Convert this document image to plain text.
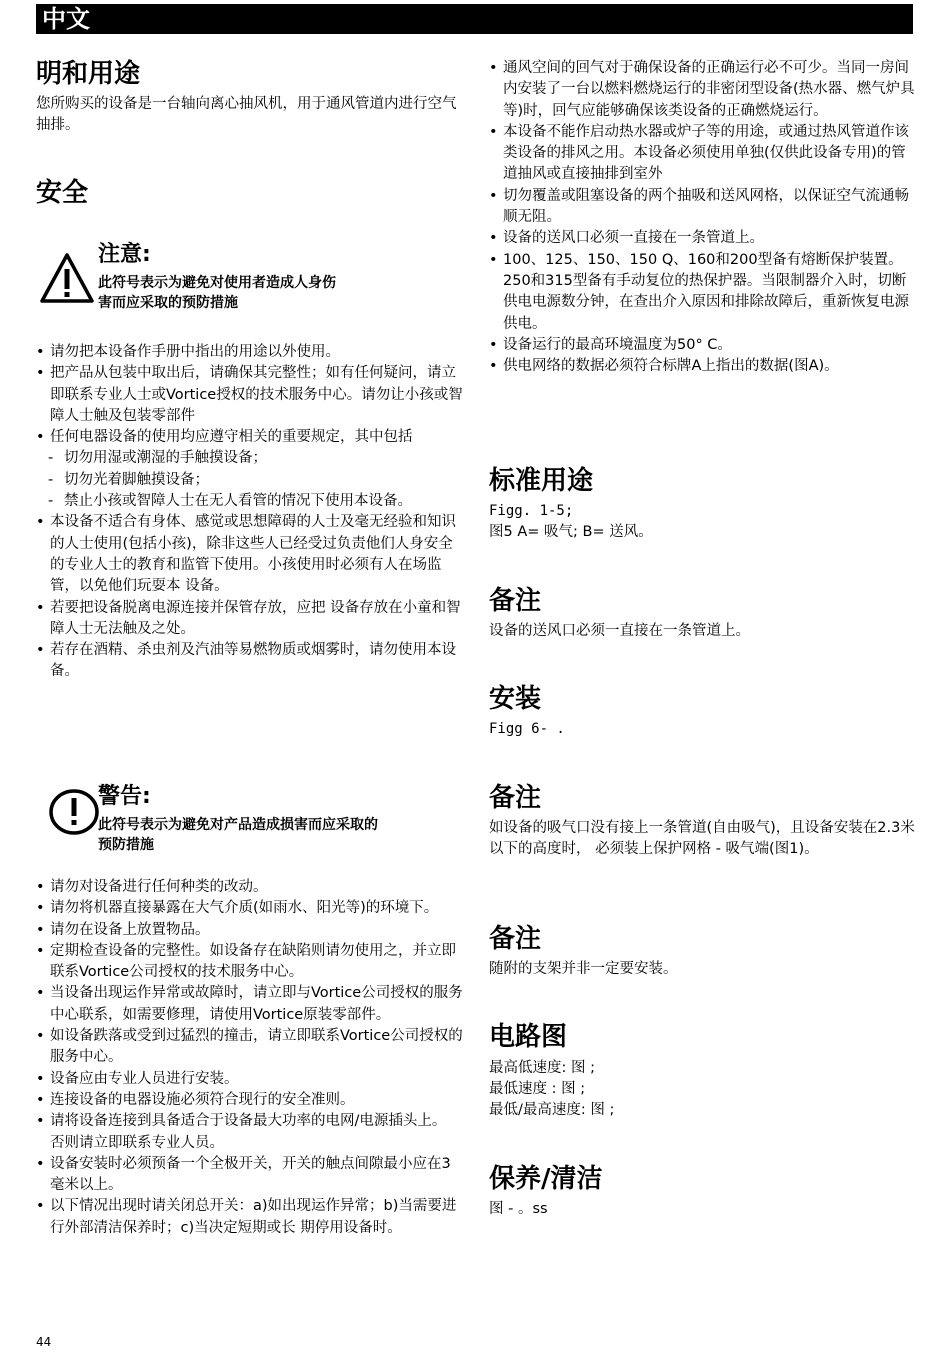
中文
明和用途

您所购买的设备是一台轴向离心抽风机，用于通风管道内进行空气抽排。

安全
注意:
此符号表示为避免对使用者造成人身伤害而应采取的预防措施
• 请勿把本设备作手册中指出的用途以外使用。
• 把产品从包装中取出后，请确保其完整性；如有任何疑问，请立即联系专业人士或Vortice授权的技术服务中心。请勿让小孩或智障人士触及包装零部件
• 任何电器设备的使用均应遵守相关的重要规定，其中包括
- 切勿用湿或潮湿的手触摸设备；
- 切勿光着脚触摸设备；
- 禁止小孩或智障人士在无人看管的情况下使用本设备。
• 本设备不适合有身体、感觉或思想障碍的人士及毫无经验和知识的人士使用(包括小孩)，除非这些人已经受过负责他们人身安全的专业人士的教育和监管下使用。小孩使用时必须有人在场监管，以免他们玩耍本 设备。
• 若要把设备脱离电源连接并保管存放，应把 设备存放在小童和智障人士无法触及之处。
• 若存在酒精、杀虫剂及汽油等易燃物质或烟雾时，请勿使用本设备。
警告:
此符号表示为避免对产品造成损害而应采取的预防措施
• 请勿对设备进行任何种类的改动。
• 请勿将机器直接暴露在大气介质(如雨水、阳光等)的环境下。
• 请勿在设备上放置物品。
• 定期检查设备的完整性。如设备存在缺陷则请勿使用之，并立即联系Vortice公司授权的技术服务中心。
• 当设备出现运作异常或故障时，请立即与Vortice公司授权的服务中心联系，如需要修理，请使用Vortice原装零部件。
• 如设备跌落或受到过猛烈的撞击，请立即联系Vortice公司授权的服务中心。
• 设备应由专业人员进行安装。
• 连接设备的电器设施必须符合现行的安全准则。
• 请将设备连接到具备适合于设备最大功率的电网/电源插头上。 否则请立即联系专业人员。
• 设备安装时必须预备一个全极开关，开关的触点间隙最小应在3毫米以上。
• 以下情况出现时请关闭总开关：a)如出现运作异常；b)当需要进行外部清洁保养时；c)当决定短期或长 期停用设备时。
• 通风空间的回气对于确保设备的正确运行必不可少。当同一房间内安装了一台以燃料燃烧运行的非密闭型设备(热水器、燃气炉具等)时，回气应能够确保该类设备的正确燃烧运行。
• 本设备不能作启动热水器或炉子等的用途，或通过热风管道作该类设备的排风之用。本设备必须使用单独(仅供此设备专用)的管道抽风或直接抽排到室外
• 切勿覆盖或阻塞设备的两个抽吸和送风网格，以保证空气流通畅顺无阻。
• 设备的送风口必须一直接在一条管道上。
• 100、125、150、150 Q、160和200型备有熔断保护装置。250和315型备有手动复位的热保护器。当限制器介入时，切断供电电源数分钟，在查出介入原因和排除故障后，重新恢复电源供电。
• 设备运行的最高环境温度为50° C。
• 供电网络的数据必须符合标牌A上指出的数据(图A)。
标准用途

Figg. 1-5;

图5 A= 吸气; B= 送风。

备注

设备的送风口必须一直接在一条管道上。

安装

Figg 6- .

备注

如设备的吸气口没有接上一条管道(自由吸气)，且设备安装在2.3米以下的高度时， 必须装上保护网格 - 吸气端(图1)。

备注

随附的支架并非一定要安装。

电路图

最高低速度: 图 ;

最低速度 : 图 ;

最低/最高速度: 图 ;

保养/清洁

图 - 。ss

44
